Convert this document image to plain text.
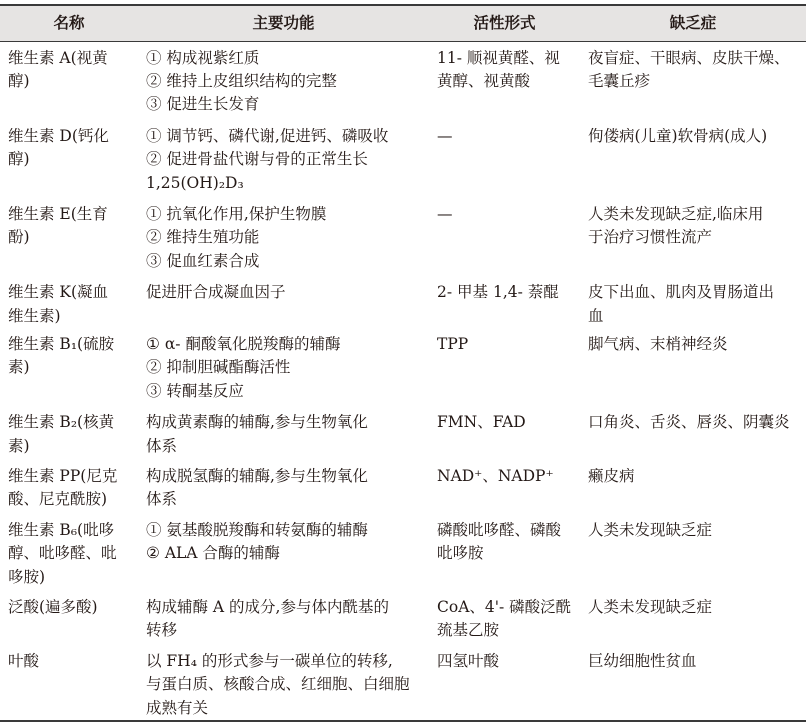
名称	主要功能	活性形式	缺乏症

维生素 A(视黄
醇)	① 构成视紫红质
② 维持上皮组织结构的完整
③ 促进生长发育	11- 顺视黄醛、视
黄醇、视黄酸	夜盲症、干眼病、皮肤干燥、
毛囊丘疹

维生素 D(钙化
醇)	① 调节钙、磷代谢,促进钙、磷吸收
② 促进骨盐代谢与骨的正常生长
1,25(OH)₂D₃	—	佝偻病(儿童)软骨病(成人)

维生素 E(生育
酚)	① 抗氧化作用,保护生物膜
② 维持生殖功能
③ 促血红素合成	—	人类未发现缺乏症,临床用
于治疗习惯性流产

维生素 K(凝血
维生素)	促进肝合成凝血因子	2- 甲基 1,4- 萘醌	皮下出血、肌肉及胃肠道出
血

维生素 B₁(硫胺
素)	① α- 酮酸氧化脱羧酶的辅酶
② 抑制胆碱酯酶活性
③ 转酮基反应	TPP	脚气病、末梢神经炎

维生素 B₂(核黄
素)	构成黄素酶的辅酶,参与生物氧化
体系	FMN、FAD	口角炎、舌炎、唇炎、阴囊炎

维生素 PP(尼克
酸、尼克酰胺)	构成脱氢酶的辅酶,参与生物氧化
体系	NAD⁺、NADP⁺	癞皮病

维生素 B₆(吡哆
醇、吡哆醛、吡
哆胺)	① 氨基酸脱羧酶和转氨酶的辅酶
② ALA 合酶的辅酶	磷酸吡哆醛、磷酸
吡哆胺	人类未发现缺乏症

泛酸(遍多酸)	构成辅酶 A 的成分,参与体内酰基的
转移	CoA、4'- 磷酸泛酰
巯基乙胺	人类未发现缺乏症

叶酸	以 FH₄ 的形式参与一碳单位的转移,
与蛋白质、核酸合成、红细胞、白细胞
成熟有关	四氢叶酸	巨幼细胞性贫血
